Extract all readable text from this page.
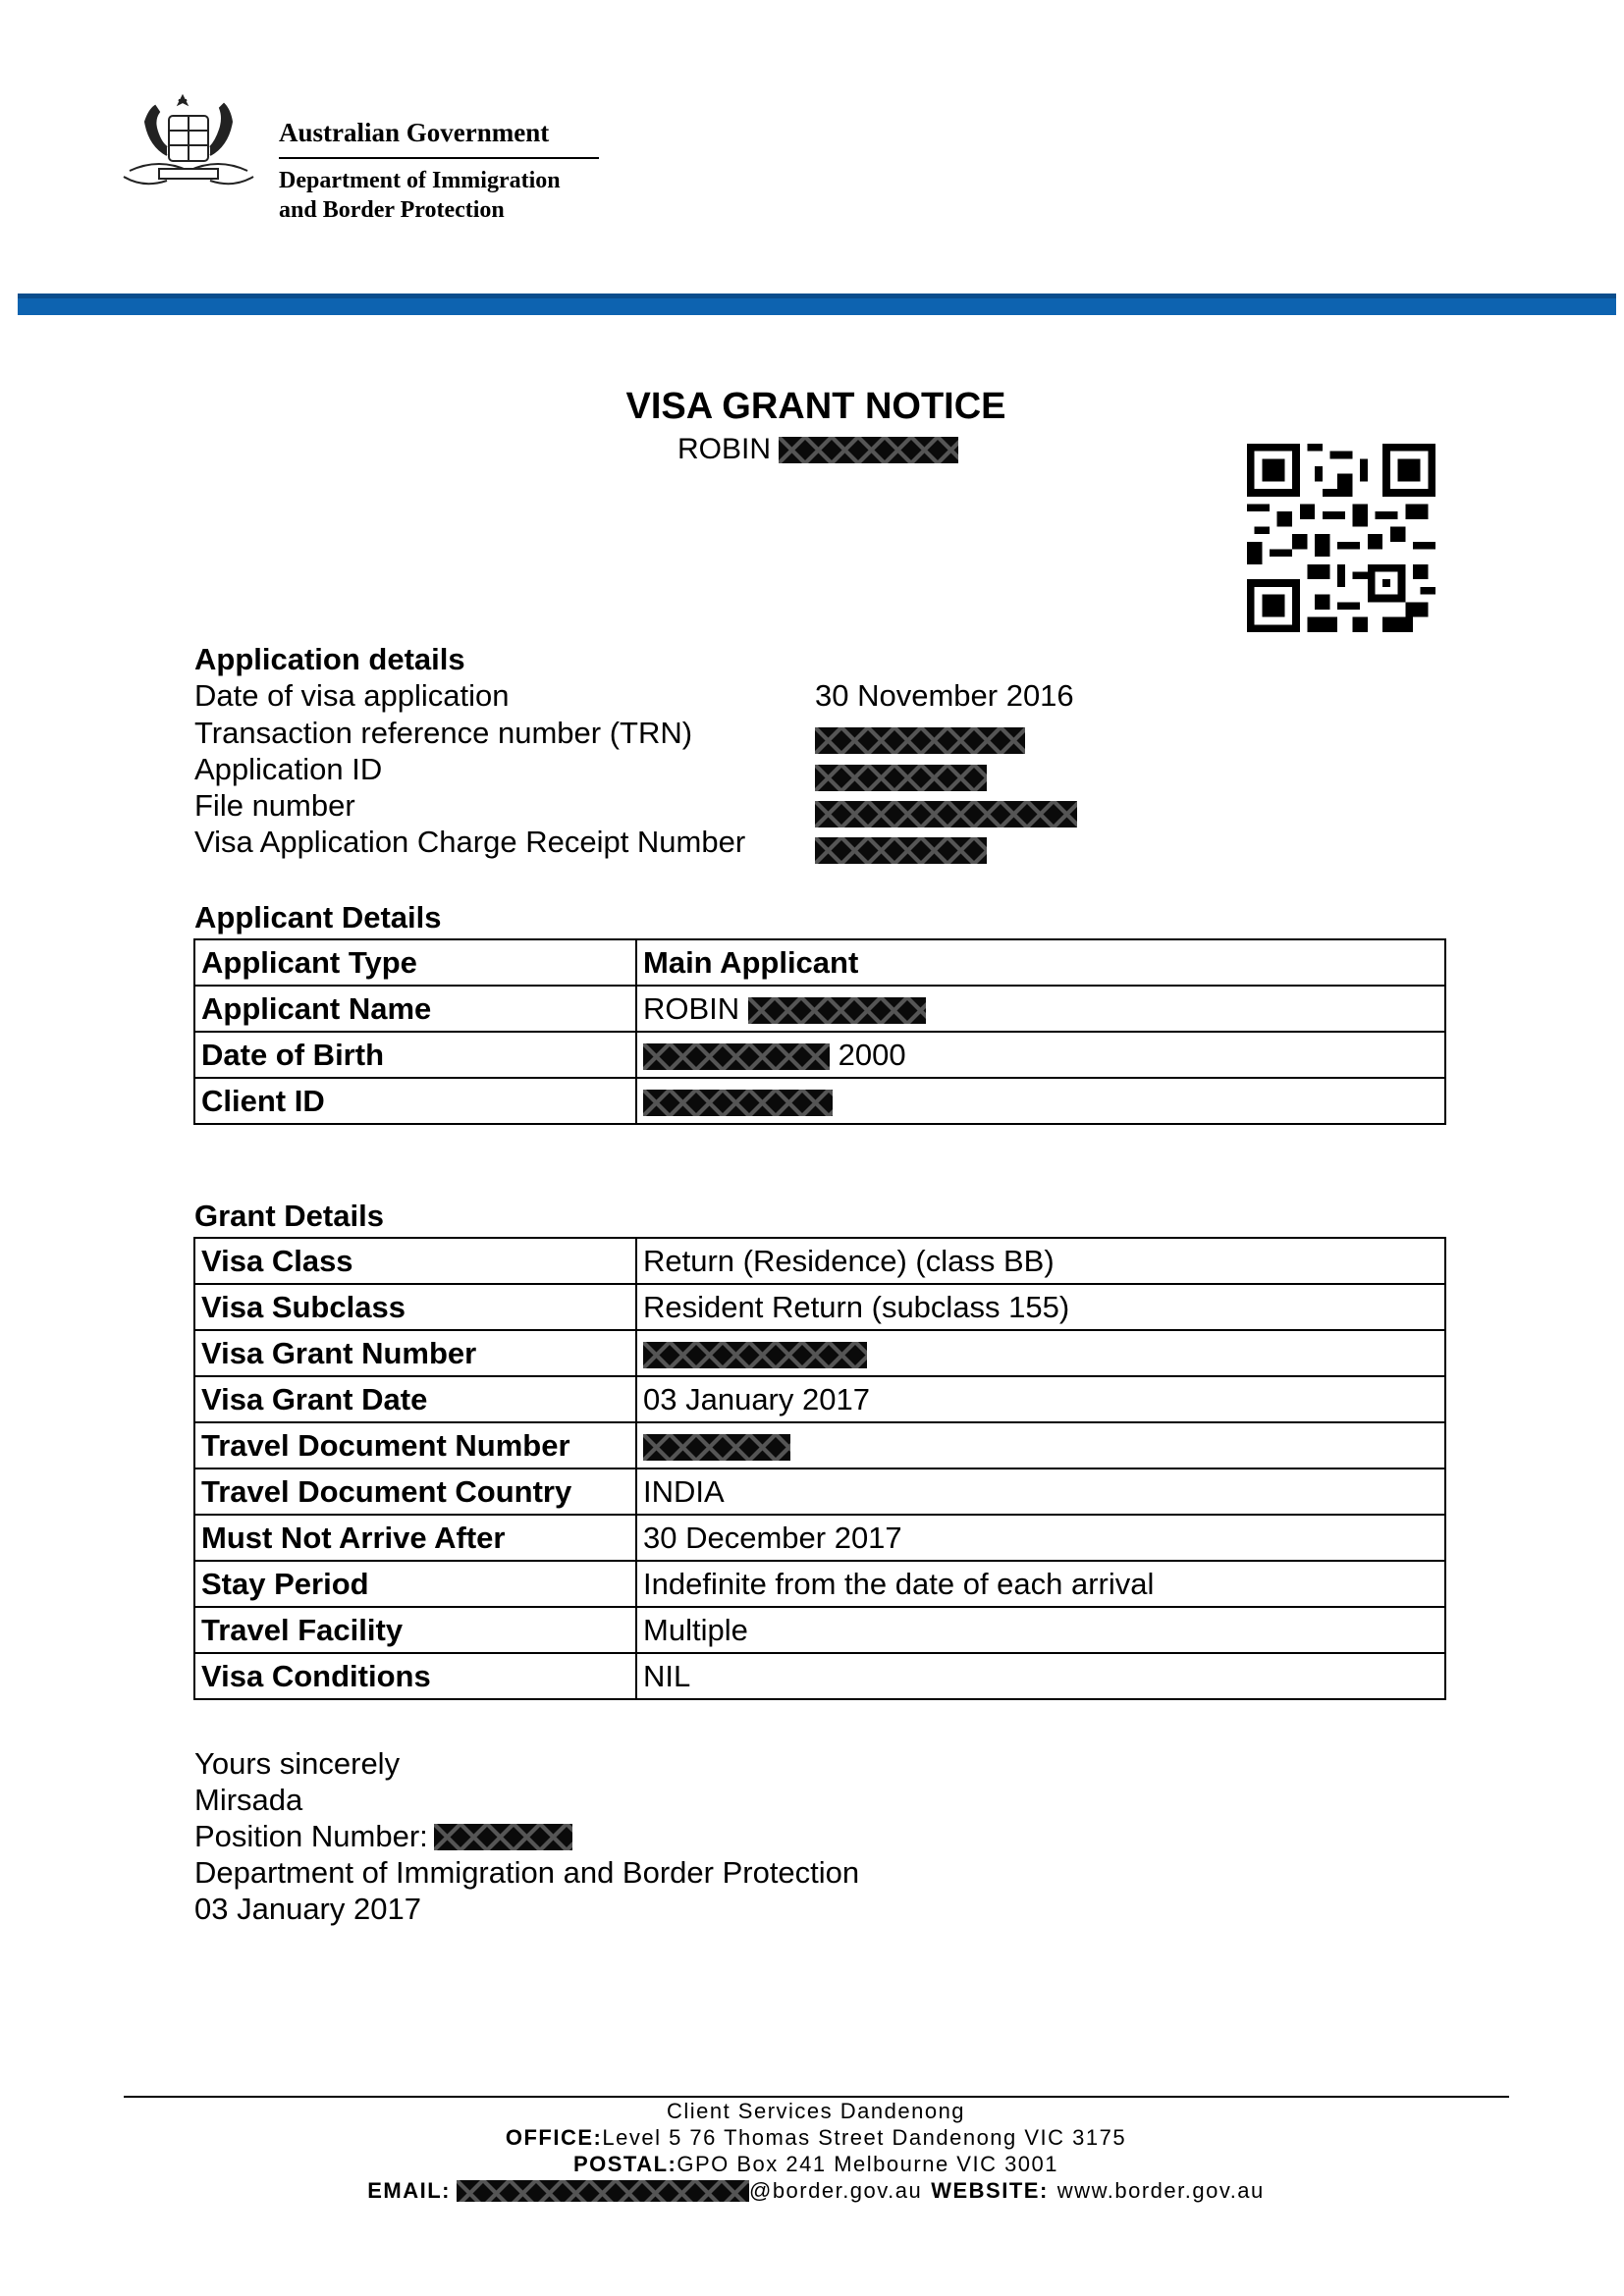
Australian Government
Department of Immigration
and Border Protection
VISA GRANT NOTICE
ROBIN
Application details
Date of visa application	30 November 2016
Transaction reference number (TRN)
Application ID
File number
Visa Application Charge Receipt Number
Applicant Details
Applicant Type	Main Applicant
Applicant Name	ROBIN
Date of Birth	2000
Client ID	
Grant Details
Visa Class	Return (Residence) (class BB)
Visa Subclass	Resident Return (subclass 155)
Visa Grant Number	
Visa Grant Date	03 January 2017
Travel Document Number	
Travel Document Country	INDIA
Must Not Arrive After	30 December 2017
Stay Period	Indefinite from the date of each arrival
Travel Facility	Multiple
Visa Conditions	NIL
Yours sincerely
Mirsada
Position Number:
Department of Immigration and Border Protection
03 January 2017
Client Services Dandenong
OFFICE:Level 5 76 Thomas Street Dandenong VIC 3175
POSTAL:GPO Box 241 Melbourne VIC 3001
EMAIL:	@border.gov.au WEBSITE: www.border.gov.au
